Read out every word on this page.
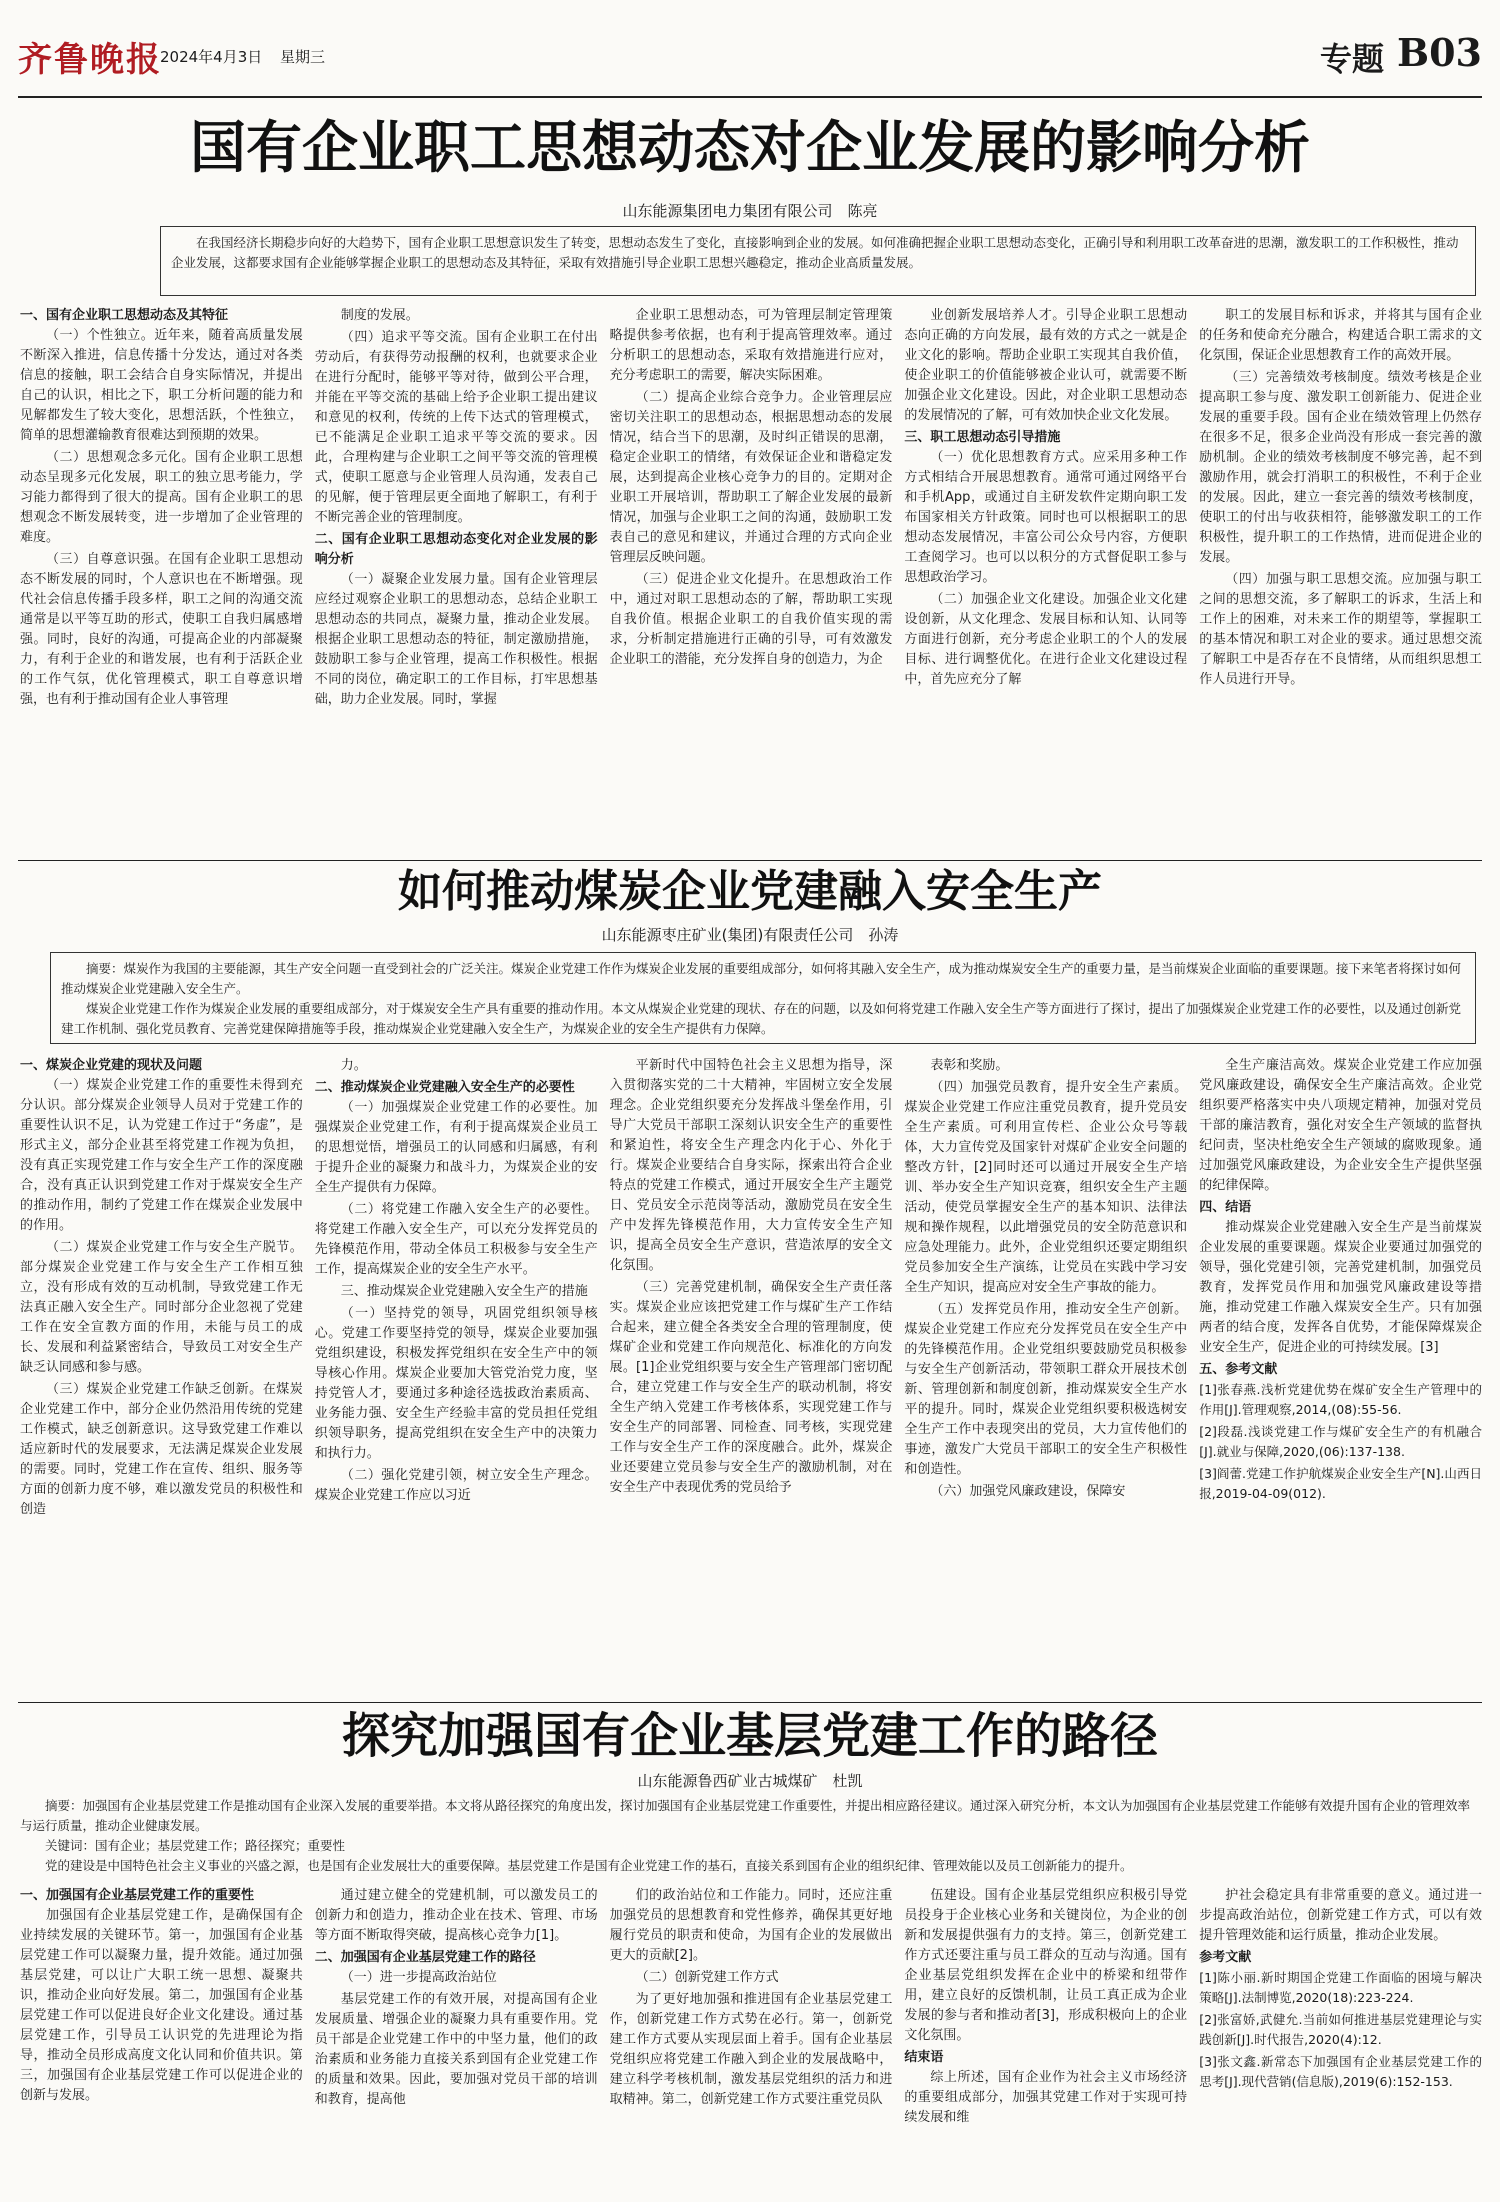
齐鲁晚报
2024年4月3日 星期三	专题 B03
国有企业职工思想动态对企业发展的影响分析
山东能源集团电力集团有限公司　陈亮

在我国经济长期稳步向好的大趋势下，国有企业职工思想意识发生了转变，思想动态发生了变化，直接影响到企业的发展。如何准确把握企业职工思想动态变化，正确引导和利用职工改革奋进的思潮，激发职工的工作积极性，推动企业发展，这都要求国有企业能够掌握企业职工的思想动态及其特征，采取有效措施引导企业职工思想兴趣稳定，推动企业高质量发展。

一、国有企业职工思想动态及其特征

（一）个性独立。近年来，随着高质量发展不断深入推进，信息传播十分发达，通过对各类信息的接触，职工会结合自身实际情况，并提出自己的认识，相比之下，职工分析问题的能力和见解都发生了较大变化，思想活跃，个性独立，简单的思想灌输教育很难达到预期的效果。

（二）思想观念多元化。国有企业职工思想动态呈现多元化发展，职工的独立思考能力，学习能力都得到了很大的提高。国有企业职工的思想观念不断发展转变，进一步增加了企业管理的难度。

（三）自尊意识强。在国有企业职工思想动态不断发展的同时，个人意识也在不断增强。现代社会信息传播手段多样，职工之间的沟通交流通常是以平等互助的形式，使职工自我归属感增强。同时，良好的沟通，可提高企业的内部凝聚力，有利于企业的和谐发展，也有利于活跃企业的工作气氛，优化管理模式，职工自尊意识增强，也有利于推动国有企业人事管理

制度的发展。

（四）追求平等交流。国有企业职工在付出劳动后，有获得劳动报酬的权利，也就要求企业在进行分配时，能够平等对待，做到公平合理，并能在平等交流的基础上给予企业职工提出建议和意见的权利，传统的上传下达式的管理模式，已不能满足企业职工追求平等交流的要求。因此，合理构建与企业职工之间平等交流的管理模式，使职工愿意与企业管理人员沟通，发表自己的见解，便于管理层更全面地了解职工，有利于不断完善企业的管理制度。

二、国有企业职工思想动态变化对企业发展的影响分析

（一）凝聚企业发展力量。国有企业管理层应经过观察企业职工的思想动态，总结企业职工思想动态的共同点，凝聚力量，推动企业发展。根据企业职工思想动态的特征，制定激励措施，鼓励职工参与企业管理，提高工作积极性。根据不同的岗位，确定职工的工作目标，打牢思想基础，助力企业发展。同时，掌握

企业职工思想动态，可为管理层制定管理策略提供参考依据，也有利于提高管理效率。通过分析职工的思想动态，采取有效措施进行应对，充分考虑职工的需要，解决实际困难。

（二）提高企业综合竞争力。企业管理层应密切关注职工的思想动态，根据思想动态的发展情况，结合当下的思潮，及时纠正错误的思潮，稳定企业职工的情绪，有效保证企业和谐稳定发展，达到提高企业核心竞争力的目的。定期对企业职工开展培训，帮助职工了解企业发展的最新情况，加强与企业职工之间的沟通，鼓励职工发表自己的意见和建议，并通过合理的方式向企业管理层反映问题。

（三）促进企业文化提升。在思想政治工作中，通过对职工思想动态的了解，帮助职工实现自我价值。根据企业职工的自我价值实现的需求，分析制定措施进行正确的引导，可有效激发企业职工的潜能，充分发挥自身的创造力，为企

业创新发展培养人才。引导企业职工思想动态向正确的方向发展，最有效的方式之一就是企业文化的影响。帮助企业职工实现其自我价值，使企业职工的价值能够被企业认可，就需要不断加强企业文化建设。因此，对企业职工思想动态的发展情况的了解，可有效加快企业文化发展。

三、职工思想动态引导措施

（一）优化思想教育方式。应采用多种工作方式相结合开展思想教育。通常可通过网络平台和手机App，或通过自主研发软件定期向职工发布国家相关方针政策。同时也可以根据职工的思想动态发展情况，丰富公司公众号内容，方便职工查阅学习。也可以以积分的方式督促职工参与思想政治学习。

（二）加强企业文化建设。加强企业文化建设创新，从文化理念、发展目标和认知、认同等方面进行创新，充分考虑企业职工的个人的发展目标、进行调整优化。在进行企业文化建设过程中，首先应充分了解

职工的发展目标和诉求，并将其与国有企业的任务和使命充分融合，构建适合职工需求的文化氛围，保证企业思想教育工作的高效开展。

（三）完善绩效考核制度。绩效考核是企业提高职工参与度、激发职工创新能力、促进企业发展的重要手段。国有企业在绩效管理上仍然存在很多不足，很多企业尚没有形成一套完善的激励机制。企业的绩效考核制度不够完善，起不到激励作用，就会打消职工的积极性，不利于企业的发展。因此，建立一套完善的绩效考核制度，使职工的付出与收获相符，能够激发职工的工作积极性，提升职工的工作热情，进而促进企业的发展。

（四）加强与职工思想交流。应加强与职工之间的思想交流，多了解职工的诉求，生活上和工作上的困难，对未来工作的期望等，掌握职工的基本情况和职工对企业的要求。通过思想交流了解职工中是否存在不良情绪，从而组织思想工作人员进行开导。

如何推动煤炭企业党建融入安全生产
山东能源枣庄矿业(集团)有限责任公司　孙涛

摘要：煤炭作为我国的主要能源，其生产安全问题一直受到社会的广泛关注。煤炭企业党建工作作为煤炭企业发展的重要组成部分，如何将其融入安全生产，成为推动煤炭安全生产的重要力量，是当前煤炭企业面临的重要课题。接下来笔者将探讨如何推动煤炭企业党建融入安全生产。

煤炭企业党建工作作为煤炭企业发展的重要组成部分，对于煤炭安全生产具有重要的推动作用。本文从煤炭企业党建的现状、存在的问题，以及如何将党建工作融入安全生产等方面进行了探讨，提出了加强煤炭企业党建工作的必要性，以及通过创新党建工作机制、强化党员教育、完善党建保障措施等手段，推动煤炭企业党建融入安全生产，为煤炭企业的安全生产提供有力保障。

一、煤炭企业党建的现状及问题

（一）煤炭企业党建工作的重要性未得到充分认识。部分煤炭企业领导人员对于党建工作的重要性认识不足，认为党建工作过于“务虚”，是形式主义，部分企业甚至将党建工作视为负担，没有真正实现党建工作与安全生产工作的深度融合，没有真正认识到党建工作对于煤炭安全生产的推动作用，制约了党建工作在煤炭企业发展中的作用。

（二）煤炭企业党建工作与安全生产脱节。部分煤炭企业党建工作与安全生产工作相互独立，没有形成有效的互动机制，导致党建工作无法真正融入安全生产。同时部分企业忽视了党建工作在安全宣教方面的作用，未能与员工的成长、发展和利益紧密结合，导致员工对安全生产缺乏认同感和参与感。

（三）煤炭企业党建工作缺乏创新。在煤炭企业党建工作中，部分企业仍然沿用传统的党建工作模式，缺乏创新意识。这导致党建工作难以适应新时代的发展要求，无法满足煤炭企业发展的需要。同时，党建工作在宣传、组织、服务等方面的创新力度不够，难以激发党员的积极性和创造

力。

二、推动煤炭企业党建融入安全生产的必要性

（一）加强煤炭企业党建工作的必要性。加强煤炭企业党建工作，有利于提高煤炭企业员工的思想觉悟，增强员工的认同感和归属感，有利于提升企业的凝聚力和战斗力，为煤炭企业的安全生产提供有力保障。

（二）将党建工作融入安全生产的必要性。将党建工作融入安全生产，可以充分发挥党员的先锋模范作用，带动全体员工积极参与安全生产工作，提高煤炭企业的安全生产水平。

三、推动煤炭企业党建融入安全生产的措施

（一）坚持党的领导，巩固党组织领导核心。党建工作要坚持党的领导，煤炭企业要加强党组织建设，积极发挥党组织在安全生产中的领导核心作用。煤炭企业要加大管党治党力度，坚持党管人才，要通过多种途径选拔政治素质高、业务能力强、安全生产经验丰富的党员担任党组织领导职务，提高党组织在安全生产中的决策力和执行力。

（二）强化党建引领，树立安全生产理念。煤炭企业党建工作应以习近

平新时代中国特色社会主义思想为指导，深入贯彻落实党的二十大精神，牢固树立安全发展理念。企业党组织要充分发挥战斗堡垒作用，引导广大党员干部职工深刻认识安全生产的重要性和紧迫性，将安全生产理念内化于心、外化于行。煤炭企业要结合自身实际，探索出符合企业特点的党建工作模式，通过开展安全生产主题党日、党员安全示范岗等活动，激励党员在安全生产中发挥先锋模范作用，大力宣传安全生产知识，提高全员安全生产意识，营造浓厚的安全文化氛围。

（三）完善党建机制，确保安全生产责任落实。煤炭企业应该把党建工作与煤矿生产工作结合起来，建立健全各类安全合理的管理制度，使煤矿企业和党建工作向规范化、标准化的方向发展。[1]企业党组织要与安全生产管理部门密切配合，建立党建工作与安全生产的联动机制，将安全生产纳入党建工作考核体系，实现党建工作与安全生产的同部署、同检查、同考核，实现党建工作与安全生产工作的深度融合。此外，煤炭企业还要建立党员参与安全生产的激励机制，对在安全生产中表现优秀的党员给予

表彰和奖励。

（四）加强党员教育，提升安全生产素质。煤炭企业党建工作应注重党员教育，提升党员安全生产素质。可利用宣传栏、企业公众号等载体，大力宣传党及国家针对煤矿企业安全问题的整改方针，[2]同时还可以通过开展安全生产培训、举办安全生产知识竞赛，组织安全生产主题活动，使党员掌握安全生产的基本知识、法律法规和操作规程，以此增强党员的安全防范意识和应急处理能力。此外，企业党组织还要定期组织党员参加安全生产演练，让党员在实践中学习安全生产知识，提高应对安全生产事故的能力。

（五）发挥党员作用，推动安全生产创新。煤炭企业党建工作应充分发挥党员在安全生产中的先锋模范作用。企业党组织要鼓励党员积极参与安全生产创新活动，带领职工群众开展技术创新、管理创新和制度创新，推动煤炭安全生产水平的提升。同时，煤炭企业党组织要积极选树安全生产工作中表现突出的党员，大力宣传他们的事迹，激发广大党员干部职工的安全生产积极性和创造性。

（六）加强党风廉政建设，保障安

全生产廉洁高效。煤炭企业党建工作应加强党风廉政建设，确保安全生产廉洁高效。企业党组织要严格落实中央八项规定精神，加强对党员干部的廉洁教育，强化对安全生产领域的监督执纪问责，坚决杜绝安全生产领域的腐败现象。通过加强党风廉政建设，为企业安全生产提供坚强的纪律保障。

四、结语

推动煤炭企业党建融入安全生产是当前煤炭企业发展的重要课题。煤炭企业要通过加强党的领导，强化党建引领，完善党建机制，加强党员教育，发挥党员作用和加强党风廉政建设等措施，推动党建工作融入煤炭安全生产。只有加强两者的结合度，发挥各自优势，才能保障煤炭企业安全生产，促进企业的可持续发展。[3]

五、参考文献

[1]张春燕.浅析党建优势在煤矿安全生产管理中的作用[J].管理观察,2014,(08):55-56.

[2]段磊.浅谈党建工作与煤矿安全生产的有机融合[J].就业与保障,2020,(06):137-138.

[3]阎蕾.党建工作护航煤炭企业安全生产[N].山西日报,2019-04-09(012).

探究加强国有企业基层党建工作的路径
山东能源鲁西矿业古城煤矿　杜凯

摘要：加强国有企业基层党建工作是推动国有企业深入发展的重要举措。本文将从路径探究的角度出发，探讨加强国有企业基层党建工作重要性，并提出相应路径建议。通过深入研究分析，本文认为加强国有企业基层党建工作能够有效提升国有企业的管理效率与运行质量，推动企业健康发展。

关键词：国有企业；基层党建工作；路径探究；重要性

党的建设是中国特色社会主义事业的兴盛之源，也是国有企业发展壮大的重要保障。基层党建工作是国有企业党建工作的基石，直接关系到国有企业的组织纪律、管理效能以及员工创新能力的提升。

一、加强国有企业基层党建工作的重要性

加强国有企业基层党建工作，是确保国有企业持续发展的关键环节。第一，加强国有企业基层党建工作可以凝聚力量，提升效能。通过加强基层党建，可以让广大职工统一思想、凝聚共识，推动企业向好发展。第二，加强国有企业基层党建工作可以促进良好企业文化建设。通过基层党建工作，引导员工认识党的先进理论为指导，推动全员形成高度文化认同和价值共识。第三，加强国有企业基层党建工作可以促进企业的创新与发展。

通过建立健全的党建机制，可以激发员工的创新力和创造力，推动企业在技术、管理、市场等方面不断取得突破，提高核心竞争力[1]。

二、加强国有企业基层党建工作的路径

（一）进一步提高政治站位

基层党建工作的有效开展，对提高国有企业发展质量、增强企业的凝聚力具有重要作用。党员干部是企业党建工作中的中坚力量，他们的政治素质和业务能力直接关系到国有企业党建工作的质量和效果。因此，要加强对党员干部的培训和教育，提高他

们的政治站位和工作能力。同时，还应注重加强党员的思想教育和党性修养，确保其更好地履行党员的职责和使命，为国有企业的发展做出更大的贡献[2]。

（二）创新党建工作方式

为了更好地加强和推进国有企业基层党建工作，创新党建工作方式势在必行。第一，创新党建工作方式要从实现层面上着手。国有企业基层党组织应将党建工作融入到企业的发展战略中，建立科学考核机制，激发基层党组织的活力和进取精神。第二，创新党建工作方式要注重党员队

伍建设。国有企业基层党组织应积极引导党员投身于企业核心业务和关键岗位，为企业的创新和发展提供强有力的支持。第三，创新党建工作方式还要注重与员工群众的互动与沟通。国有企业基层党组织发挥在企业中的桥梁和纽带作用，建立良好的反馈机制，让员工真正成为企业发展的参与者和推动者[3]，形成积极向上的企业文化氛围。

结束语

综上所述，国有企业作为社会主义市场经济的重要组成部分，加强其党建工作对于实现可持续发展和维

护社会稳定具有非常重要的意义。通过进一步提高政治站位，创新党建工作方式，可以有效提升管理效能和运行质量，推动企业发展。

参考文献

[1]陈小丽.新时期国企党建工作面临的困境与解决策略[J].法制博览,2020(18):223-224.

[2]张富娇,武健允.当前如何推进基层党建理论与实践创新[J].时代报告,2020(4):12.

[3]张文鑫.新常态下加强国有企业基层党建工作的思考[J].现代营销(信息版),2019(6):152-153.
